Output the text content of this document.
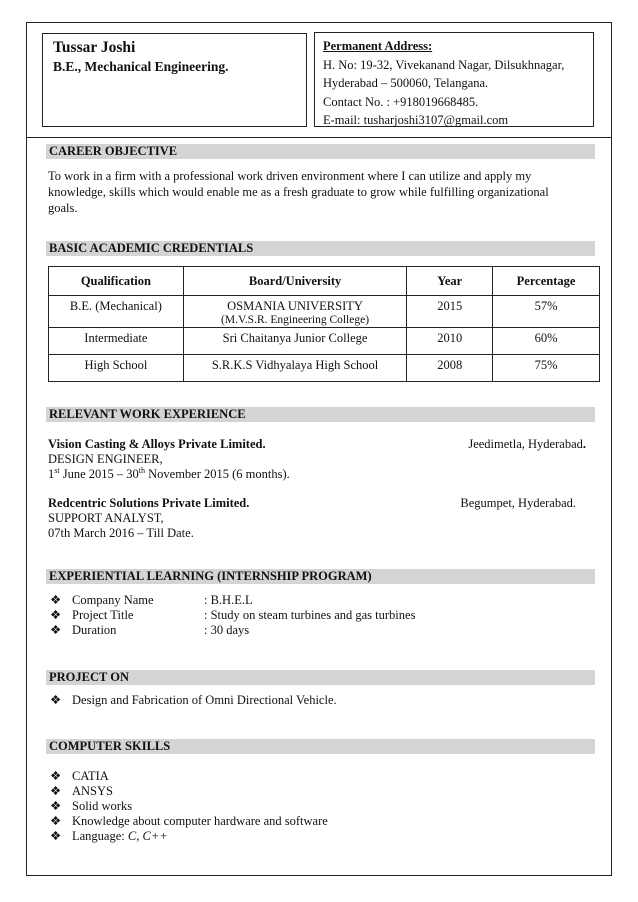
Tussar Joshi
B.E., Mechanical Engineering.
Permanent Address:
H. No: 19-32, Vivekanand Nagar, Dilsukhnagar,
Hyderabad – 500060, Telangana.
Contact No. : +918019668485.
E-mail: tusharjoshi3107@gmail.com
CAREER OBJECTIVE
To work in a firm with a professional work driven environment where I can utilize and apply my
knowledge, skills which would enable me as a fresh graduate to grow while fulfilling organizational
goals.
BASIC ACADEMIC CREDENTIALS
Qualification	Board/University	Year	Percentage
B.E. (Mechanical)	OSMANIA UNIVERSITY
(M.V.S.R. Engineering College)	2015	57%
Intermediate	Sri Chaitanya Junior College	2010	60%
High School	S.R.K.S Vidhyalaya High School	2008	75%
RELEVANT WORK EXPERIENCE
Vision Casting & Alloys Private Limited.	Jeedimetla, Hyderabad.
DESIGN ENGINEER,
1st June 2015 – 30th November 2015 (6 months).
Redcentric Solutions Private Limited.	Begumpet, Hyderabad.
SUPPORT ANALYST,
07th March 2016 – Till Date.
EXPERIENTIAL LEARNING (INTERNSHIP PROGRAM)
❖ Company Name	: B.H.E.L
❖ Project Title	: Study on steam turbines and gas turbines
❖ Duration	: 30 days
PROJECT ON
❖ Design and Fabrication of Omni Directional Vehicle.
COMPUTER SKILLS
❖ CATIA
❖ ANSYS
❖ Solid works
❖ Knowledge about computer hardware and software
❖ Language: C, C++
